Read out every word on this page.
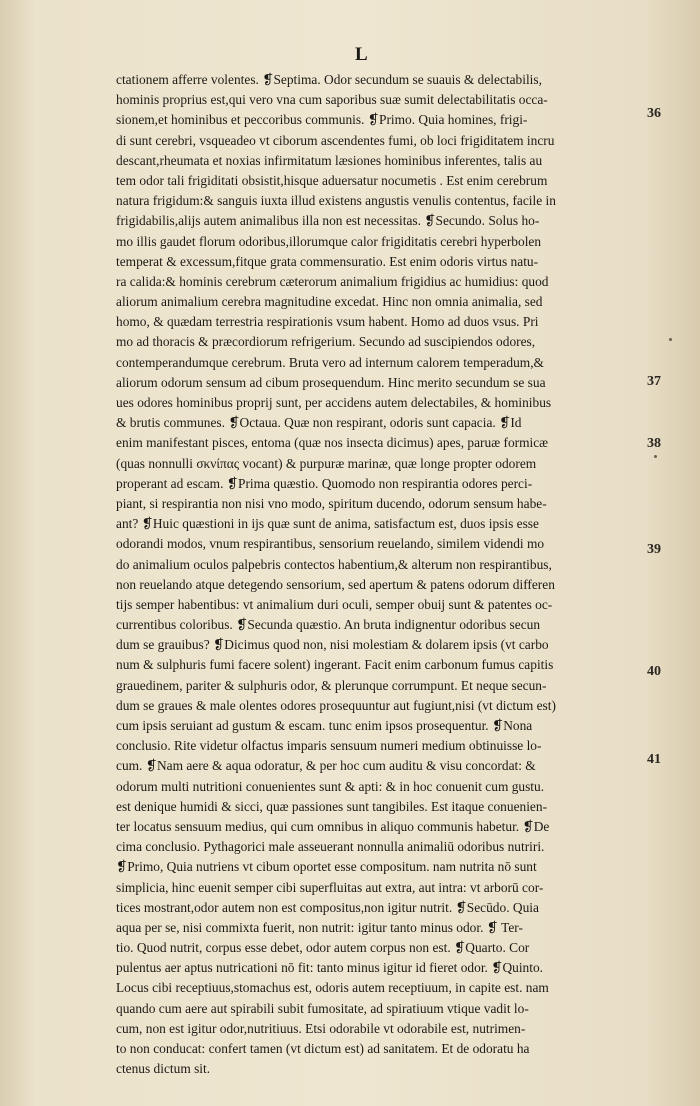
L
ctationem afferre volentes. ❡Septima. Odor secundum se suauis & delectabilis,
hominis proprius est,qui vero vna cum saporibus suæ sumit delectabilitatis occa-
sionem,et hominibus et peccoribus communis. ❡Primo. Quia homines, frigi-
di sunt cerebri, vsqueadeo vt ciborum ascendentes fumi, ob loci frigiditatem incru
descant,rheumata et noxias infirmitatum læsiones hominibus inferentes, talis au
tem odor tali frigiditati obsistit,hisque aduersatur nocumetis . Est enim cerebrum
natura frigidum:& sanguis iuxta illud existens angustis venulis contentus, facile in
frigidabilis,alijs autem animalibus illa non est necessitas. ❡Secundo. Solus ho-
mo illis gaudet florum odoribus,illorumque calor frigiditatis cerebri hyperbolen
temperat & excessum,fitque grata commensuratio. Est enim odoris virtus natu-
ra calida:& hominis cerebrum cæterorum animalium frigidius ac humidius: quod
aliorum animalium cerebra magnitudine excedat. Hinc non omnia animalia, sed
homo, & quædam terrestria respirationis vsum habent. Homo ad duos vsus. Pri
mo ad thoracis & præcordiorum refrigerium. Secundo ad suscipiendos odores,
contemperandumque cerebrum. Bruta vero ad internum calorem temperadum,&
aliorum odorum sensum ad cibum prosequendum. Hinc merito secundum se sua
ues odores hominibus proprij sunt, per accidens autem delectabiles, & hominibus
& brutis communes. ❡Octaua. Quæ non respirant, odoris sunt capacia. ❡Id
enim manifestant pisces, entoma (quæ nos insecta dicimus) apes, paruæ formicæ
(quas nonnulli σκνίπας vocant) & purpuræ marinæ, quæ longe propter odorem
properant ad escam. ❡Prima quæstio. Quomodo non respirantia odores perci-
piant, si respirantia non nisi vno modo, spiritum ducendo, odorum sensum habe-
ant? ❡Huic quæstioni in ijs quæ sunt de anima, satisfactum est, duos ipsis esse
odorandi modos, vnum respirantibus, sensorium reuelando, similem videndi mo
do animalium oculos palpebris contectos habentium,& alterum non respirantibus,
non reuelando atque detegendo sensorium, sed apertum & patens odorum differen
tijs semper habentibus: vt animalium duri oculi, semper obuij sunt & patentes oc-
currentibus coloribus. ❡Secunda quæstio. An bruta indignentur odoribus secun
dum se grauibus? ❡Dicimus quod non, nisi molestiam & dolarem ipsis (vt carbo
num & sulphuris fumi facere solent) ingerant. Facit enim carbonum fumus capitis
grauedinem, pariter & sulphuris odor, & plerunque corrumpunt. Et neque secun-
dum se graues & male olentes odores prosequuntur aut fugiunt,nisi (vt dictum est)
cum ipsis seruiant ad gustum & escam. tunc enim ipsos prosequentur. ❡Nona
conclusio. Rite videtur olfactus imparis sensuum numeri medium obtinuisse lo-
cum. ❡Nam aere & aqua odoratur, & per hoc cum auditu & visu concordat: &
odorum multi nutritioni conuenientes sunt & apti: & in hoc conuenit cum gustu.
est denique humidi & sicci, quæ passiones sunt tangibiles. Est itaque conuenien-
ter locatus sensuum medius, qui cum omnibus in aliquo communis habetur. ❡De
cima conclusio. Pythagorici male asseuerant nonnulla animaliū odoribus nutriri.
❡Primo, Quia nutriens vt cibum oportet esse compositum. nam nutrita nō sunt
simplicia, hinc euenit semper cibi superfluitas aut extra, aut intra: vt arborū cor-
tices mostrant,odor autem non est compositus,non igitur nutrit. ❡Secūdo. Quia
aqua per se, nisi commixta fuerit, non nutrit: igitur tanto minus odor. ❡ Ter-
tio. Quod nutrit, corpus esse debet, odor autem corpus non est. ❡Quarto. Cor
pulentus aer aptus nutricationi nō fit: tanto minus igitur id fieret odor. ❡Quinto.
Locus cibi receptiuus,stomachus est, odoris autem receptiuum, in capite est. nam
quando cum aere aut spirabili subit fumositate, ad spiratiuum vtique vadit lo-
cum, non est igitur odor,nutritiuus. Etsi odorabile vt odorabile est, nutrimen-
to non conducat: confert tamen (vt dictum est) ad sanitatem. Et de odoratu ha
ctenus dictum sit.
36
37
38
39
40
41
